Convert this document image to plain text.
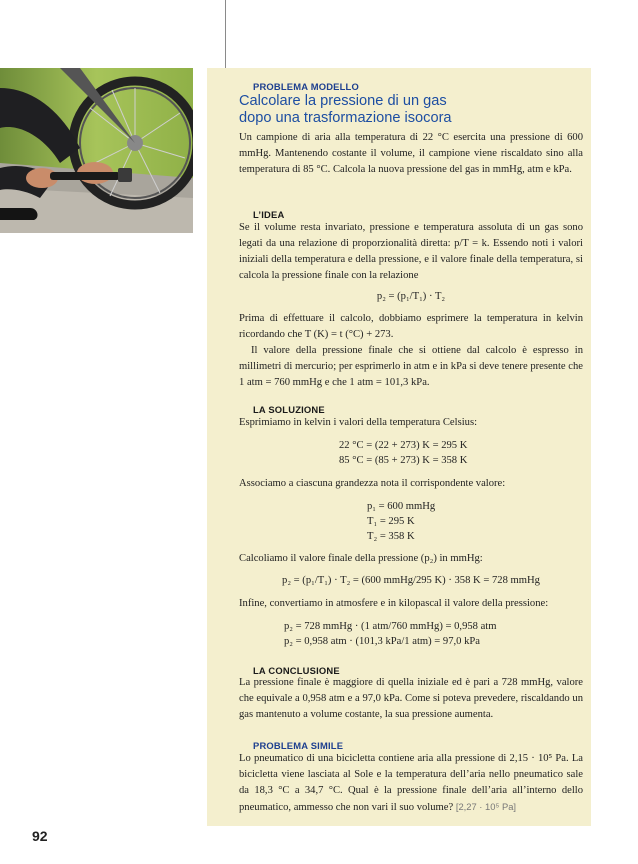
PROBLEMA MODELLO
Calcolare la pressione di un gas
dopo una trasformazione isocora

Un campione di aria alla temperatura di 22 °C esercita una pressione di 600 mmHg. Mantenendo costante il volume, il campione viene riscaldato sino alla temperatura di 85 °C. Calcola la nuova pressione del gas in mmHg, atm e kPa.

L’IDEA

Se il volume resta invariato, pressione e temperatura assoluta di un gas sono legati da una relazione di proporzionalità diretta: p/T = k. Essendo noti i valori iniziali della temperatura e della pressione, e il valore finale della temperatura, si calcola la pressione finale con la relazione

p₂ = (p₁/T₁) · T₂

Prima di effettuare il calcolo, dobbiamo esprimere la temperatura in kelvin ricordando che T (K) = t (°C) + 273.

Il valore della pressione finale che si ottiene dal calcolo è espresso in millimetri di mercurio; per esprimerlo in atm e in kPa si deve tenere presente che 1 atm = 760 mmHg e che 1 atm = 101,3 kPa.

LA SOLUZIONE

Esprimiamo in kelvin i valori della temperatura Celsius:

22 °C = (22 + 273) K = 295 K
85 °C = (85 + 273) K = 358 K

Associamo a ciascuna grandezza nota il corrispondente valore:

p₁ = 600 mmHg
T₁ = 295 K
T₂ = 358 K

Calcoliamo il valore finale della pressione (p₂) in mmHg:

p₂ = (p₁/T₁) · T₂ = (600 mmHg/295 K) · 358 K = 728 mmHg

Infine, convertiamo in atmosfere e in kilopascal il valore della pressione:

p₂ = 728 mmHg · (1 atm/760 mmHg) = 0,958 atm
p₂ = 0,958 atm · (101,3 kPa/1 atm) = 97,0 kPa
LA CONCLUSIONE

La pressione finale è maggiore di quella iniziale ed è pari a 728 mmHg, valore che equivale a 0,958 atm e a 97,0 kPa. Come si poteva prevedere, riscaldando un gas mantenuto a volume costante, la sua pressione aumenta.

PROBLEMA SIMILE

Lo pneumatico di una bicicletta contiene aria alla pressione di 2,15 · 10⁵ Pa. La bicicletta viene lasciata al Sole e la temperatura dell’aria nello pneumatico sale da 18,3 °C a 34,7 °C. Qual è la pressione finale dell’aria all’interno dello pneumatico, ammesso che non vari il suo volume? [2,27 · 10⁵ Pa]

92
